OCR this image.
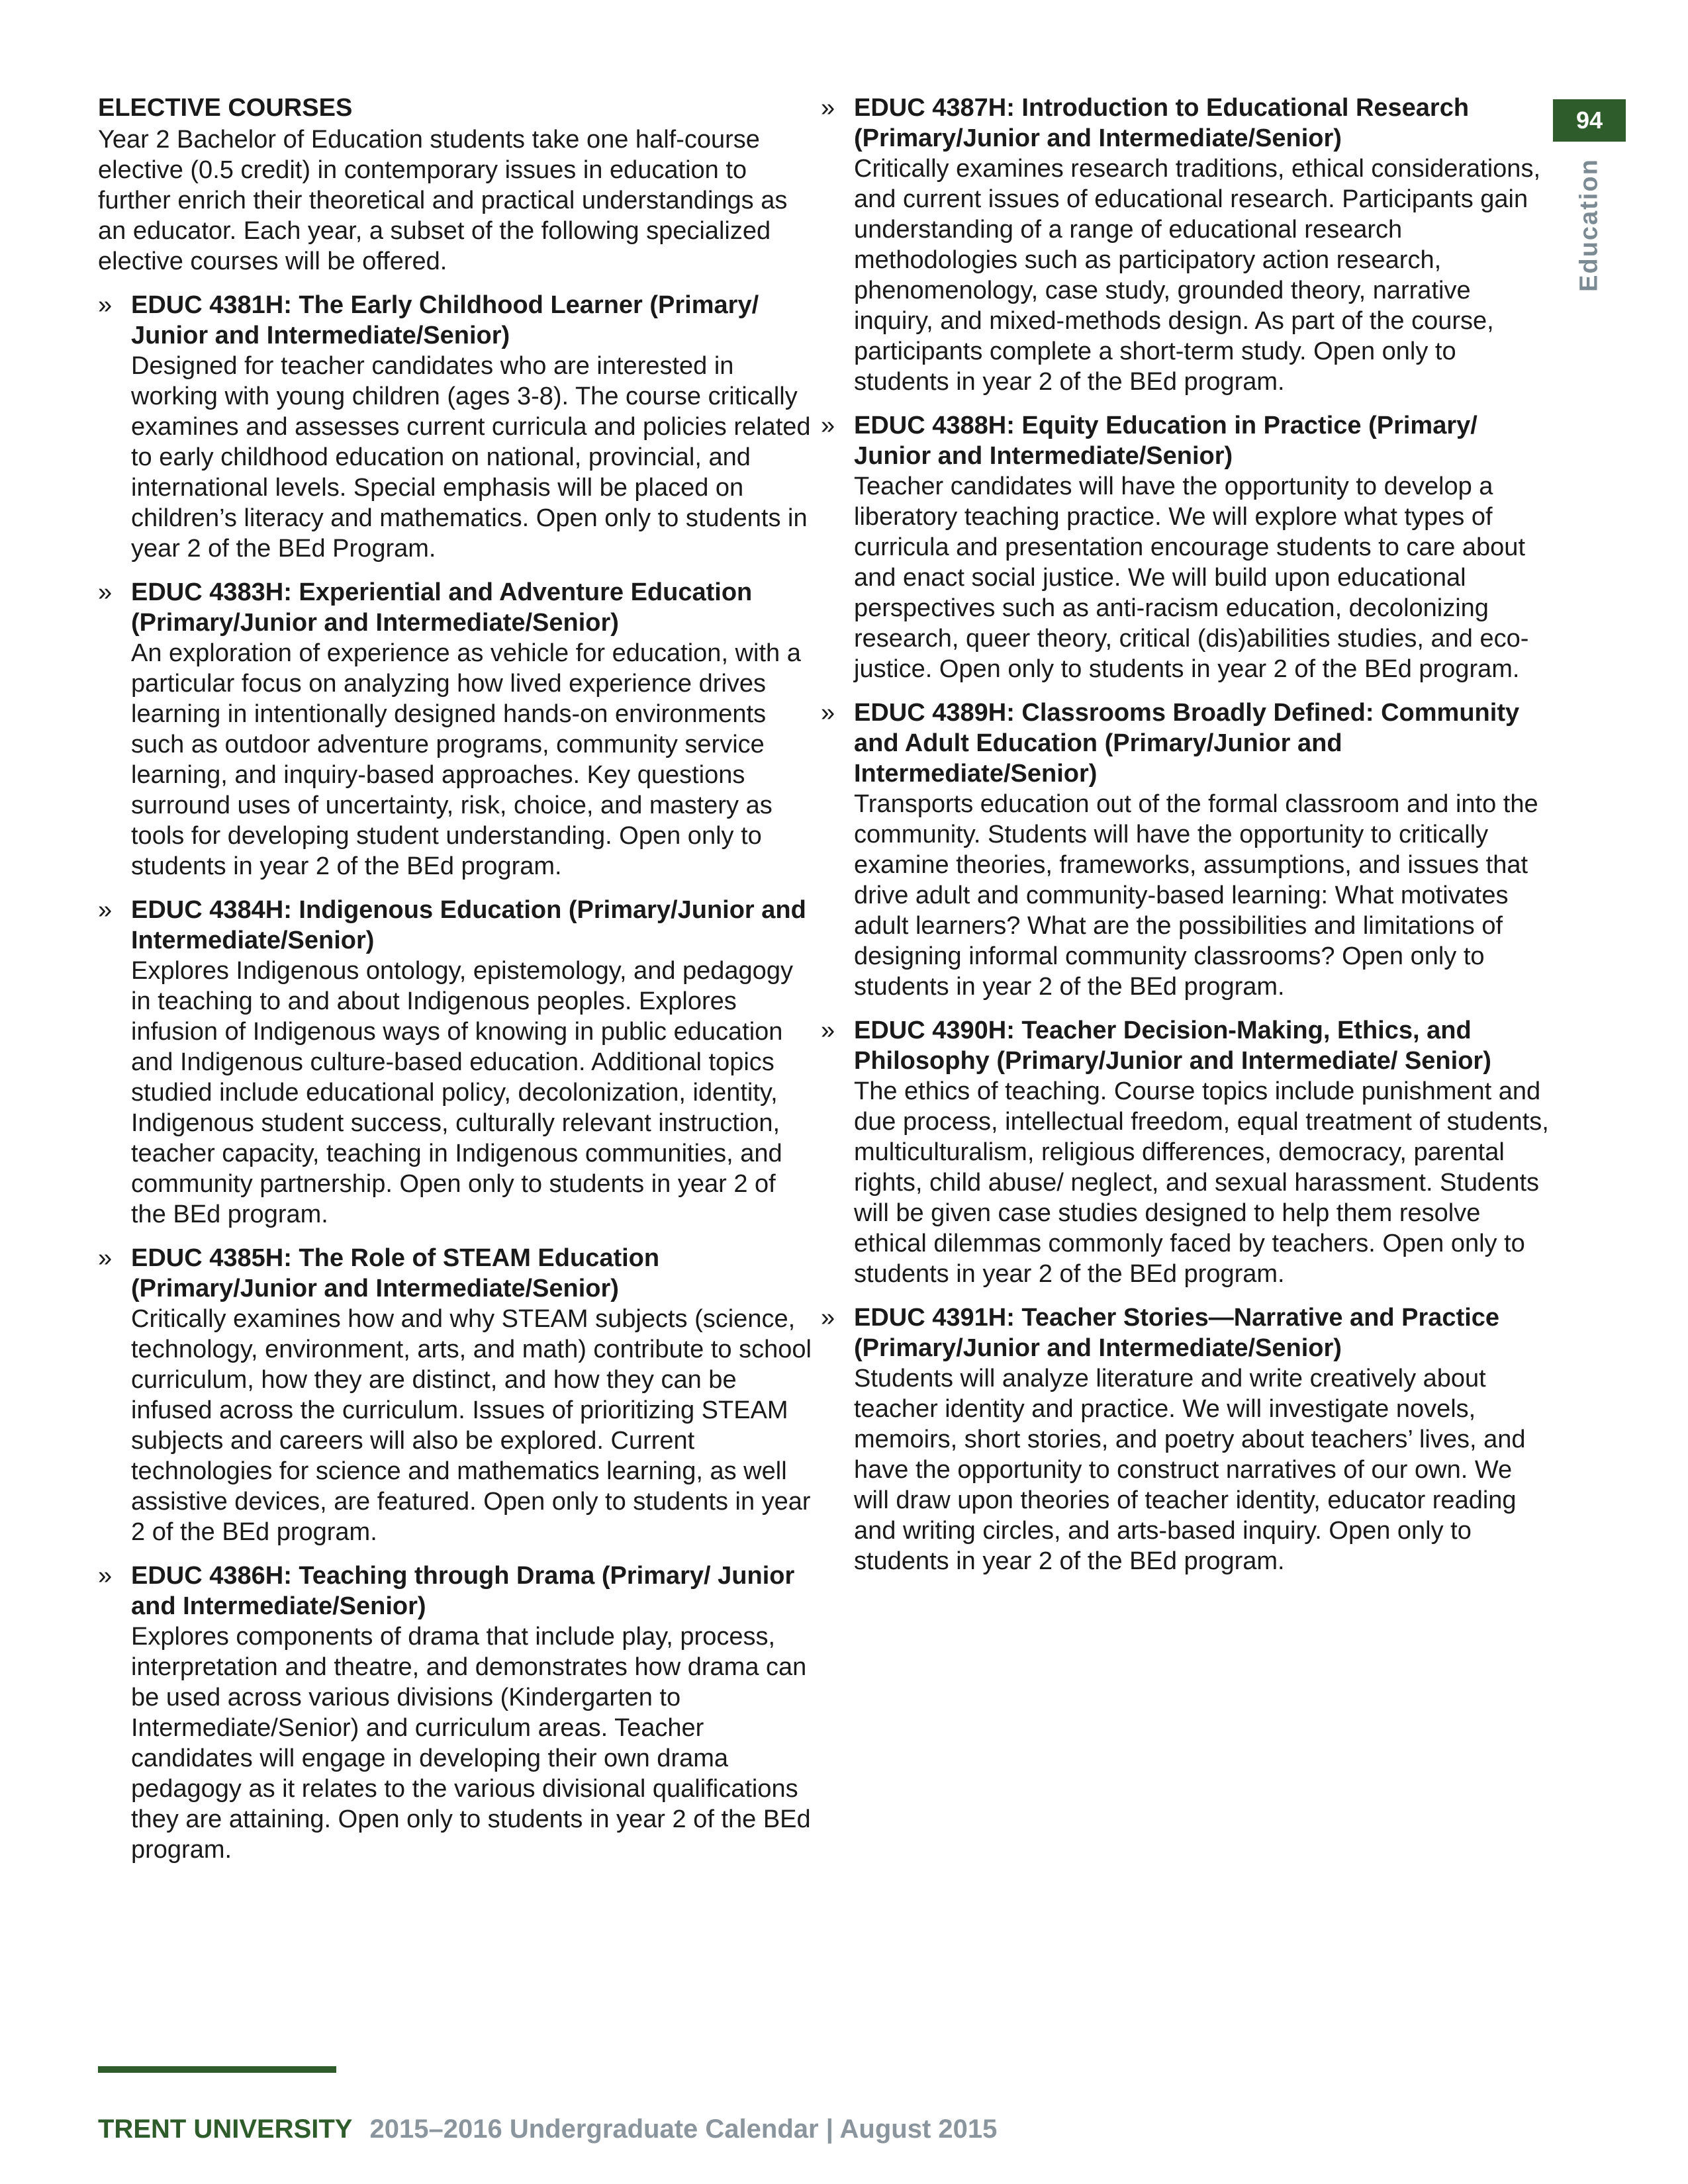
ELECTIVE COURSES
Year 2 Bachelor of Education students take one half-course elective (0.5 credit) in contemporary issues in education to further enrich their theoretical and practical understandings as an educator. Each year, a subset of the following specialized elective courses will be offered.
» EDUC 4381H: The Early Childhood Learner (Primary/ Junior and Intermediate/Senior)
Designed for teacher candidates who are interested in working with young children (ages 3-8). The course critically examines and assesses current curricula and policies related to early childhood education on national, provincial, and international levels. Special emphasis will be placed on children’s literacy and mathematics. Open only to students in year 2 of the BEd Program.
» EDUC 4383H: Experiential and Adventure Education (Primary/Junior and Intermediate/Senior)
An exploration of experience as vehicle for education, with a particular focus on analyzing how lived experience drives learning in intentionally designed hands-on environments such as outdoor adventure programs, community service learning, and inquiry-based approaches. Key questions surround uses of uncertainty, risk, choice, and mastery as tools for developing student understanding. Open only to students in year 2 of the BEd program.
» EDUC 4384H: Indigenous Education (Primary/Junior and Intermediate/Senior)
Explores Indigenous ontology, epistemology, and pedagogy in teaching to and about Indigenous peoples. Explores infusion of Indigenous ways of knowing in public education and Indigenous culture-based education. Additional topics studied include educational policy, decolonization, identity, Indigenous student success, culturally relevant instruction, teacher capacity, teaching in Indigenous communities, and community partnership. Open only to students in year 2 of the BEd program.
» EDUC 4385H: The Role of STEAM Education (Primary/Junior and Intermediate/Senior)
Critically examines how and why STEAM subjects (science, technology, environment, arts, and math) contribute to school curriculum, how they are distinct, and how they can be infused across the curriculum. Issues of prioritizing STEAM subjects and careers will also be explored. Current technologies for science and mathematics learning, as well assistive devices, are featured. Open only to students in year 2 of the BEd program.
» EDUC 4386H: Teaching through Drama (Primary/ Junior and Intermediate/Senior)
Explores components of drama that include play, process, interpretation and theatre, and demonstrates how drama can be used across various divisions (Kindergarten to Intermediate/Senior) and curriculum areas. Teacher candidates will engage in developing their own drama pedagogy as it relates to the various divisional qualifications they are attaining. Open only to students in year 2 of the BEd program.
» EDUC 4387H: Introduction to Educational Research (Primary/Junior and Intermediate/Senior)
Critically examines research traditions, ethical considerations, and current issues of educational research. Participants gain understanding of a range of educational research methodologies such as participatory action research, phenomenology, case study, grounded theory, narrative inquiry, and mixed-methods design. As part of the course, participants complete a short-term study. Open only to students in year 2 of the BEd program.
» EDUC 4388H: Equity Education in Practice (Primary/ Junior and Intermediate/Senior)
Teacher candidates will have the opportunity to develop a liberatory teaching practice. We will explore what types of curricula and presentation encourage students to care about and enact social justice. We will build upon educational perspectives such as anti-racism education, decolonizing research, queer theory, critical (dis)abilities studies, and eco-justice. Open only to students in year 2 of the BEd program.
» EDUC 4389H: Classrooms Broadly Defined: Community and Adult Education (Primary/Junior and Intermediate/Senior)
Transports education out of the formal classroom and into the community. Students will have the opportunity to critically examine theories, frameworks, assumptions, and issues that drive adult and community-based learning: What motivates adult learners? What are the possibilities and limitations of designing informal community classrooms? Open only to students in year 2 of the BEd program.
» EDUC 4390H: Teacher Decision-Making, Ethics, and Philosophy (Primary/Junior and Intermediate/ Senior)
The ethics of teaching. Course topics include punishment and due process, intellectual freedom, equal treatment of students, multiculturalism, religious differences, democracy, parental rights, child abuse/ neglect, and sexual harassment. Students will be given case studies designed to help them resolve ethical dilemmas commonly faced by teachers. Open only to students in year 2 of the BEd program.
» EDUC 4391H: Teacher Stories—Narrative and Practice (Primary/Junior and Intermediate/Senior)
Students will analyze literature and write creatively about teacher identity and practice. We will investigate novels, memoirs, short stories, and poetry about teachers’ lives, and have the opportunity to construct narratives of our own. We will draw upon theories of teacher identity, educator reading and writing circles, and arts-based inquiry. Open only to students in year 2 of the BEd program.
94
Education
TRENT UNIVERSITY 2015–2016 Undergraduate Calendar | August 2015
